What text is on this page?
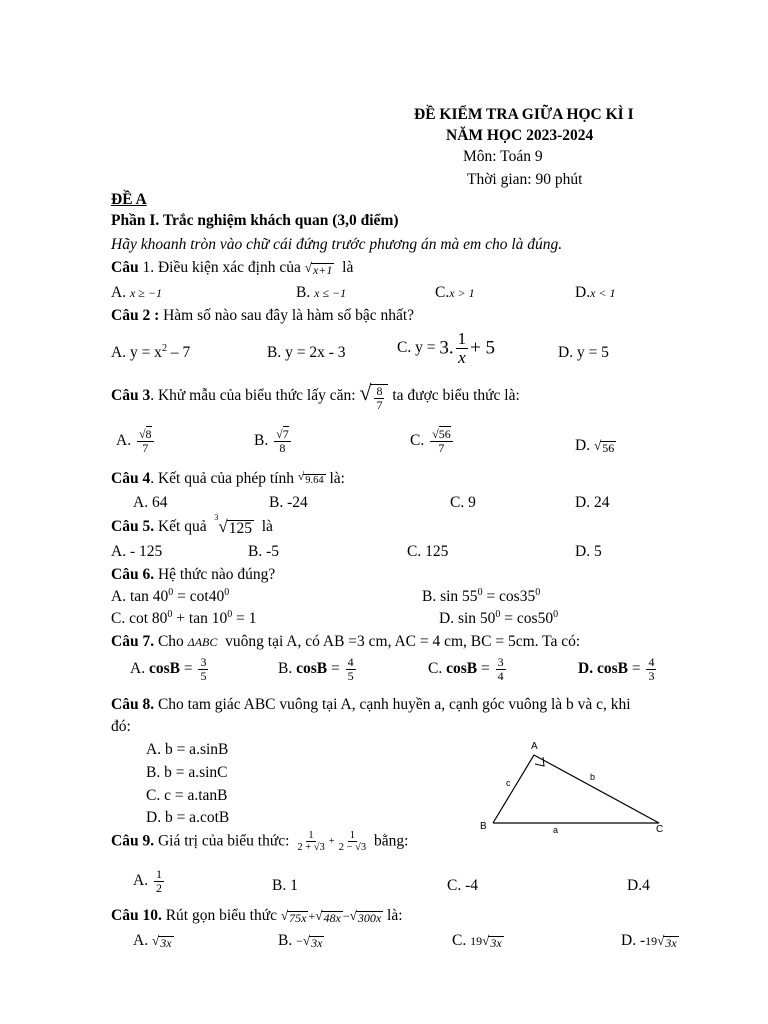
ĐỀ KIỂM TRA GIỮA HỌC KÌ I
NĂM HỌC 2023-2024
Môn: Toán 9
Thời gian: 90 phút
ĐỀ A
Phần I. Trắc nghiệm khách quan (3,0 điểm)
Hãy khoanh tròn vào chữ cái đứng trước phương án mà em cho là đúng.
Câu 1. Điều kiện xác định của √ x+1 là
A. x ≥ −1	B. x ≤ −1	C.x > 1	D.x < 1
Câu 2 : Hàm số nào sau đây là hàm số bậc nhất?
A. $y = x^2 - 7$	B. y = 2x - 3	C. y = 3. $\frac{1}{x} + 5$	D. y = 5
Câu 3. Khử mẫu của biểu thức lấy căn: √ $\frac{8}{7}$ ta được biểu thức là:
A. $\frac{√8}{7}$	B. $\frac{√7}{8}$	C. $\frac{√56}{7}$	D. √ 56
Câu 4. Kết quả của phép tính √ 9.64 là:
A. 64	B. -24	C. 9	D. 24
Câu 5. Kết quả
3 √ 125 là
A. - 125	B. -5	C. 125	D. 5
Câu 6. Hệ thức nào đúng?
A. $\tan 40^0 = \cot 40^0$	B. $\sin 55^0 = \cos 35^0$
C. $\cot 80^0 + \tan 10^0 = 1$	D. $\sin 50^0 = \cos 50^0$
Câu 7. Cho ΔABC vuông tại A, có AB =3 cm, AC = 4 cm, BC = 5cm. Ta có:
A. $\cos B = \frac{3}{5}$	B. $\cos B = \frac{4}{5}$	C. $\cos B = \frac{3}{4}$	D. $\cos B = \frac{4}{3}$
Câu 8. Cho tam giác ABC vuông tại A, cạnh huyền a, cạnh góc vuông là b và c, khi
đó:
A. b = a.sinB
B. b = a.sinC
C. c = a.tanB
D. b = a.cotB
A
B	C
a
b
c
Câu 9. Giá trị của biểu thức: $\frac{1}{2 + √3} + \frac{1}{2 - √3}$ bằng:
A. $\frac{1}{2}$	B. 1	C. -4	D.4
Câu 10. Rút gọn biểu thức √ 75x + √ 48x − √ 300x là:
A. √ 3x	B. − √ 3x	C. 19 √ 3x	D. -19 √ 3x
